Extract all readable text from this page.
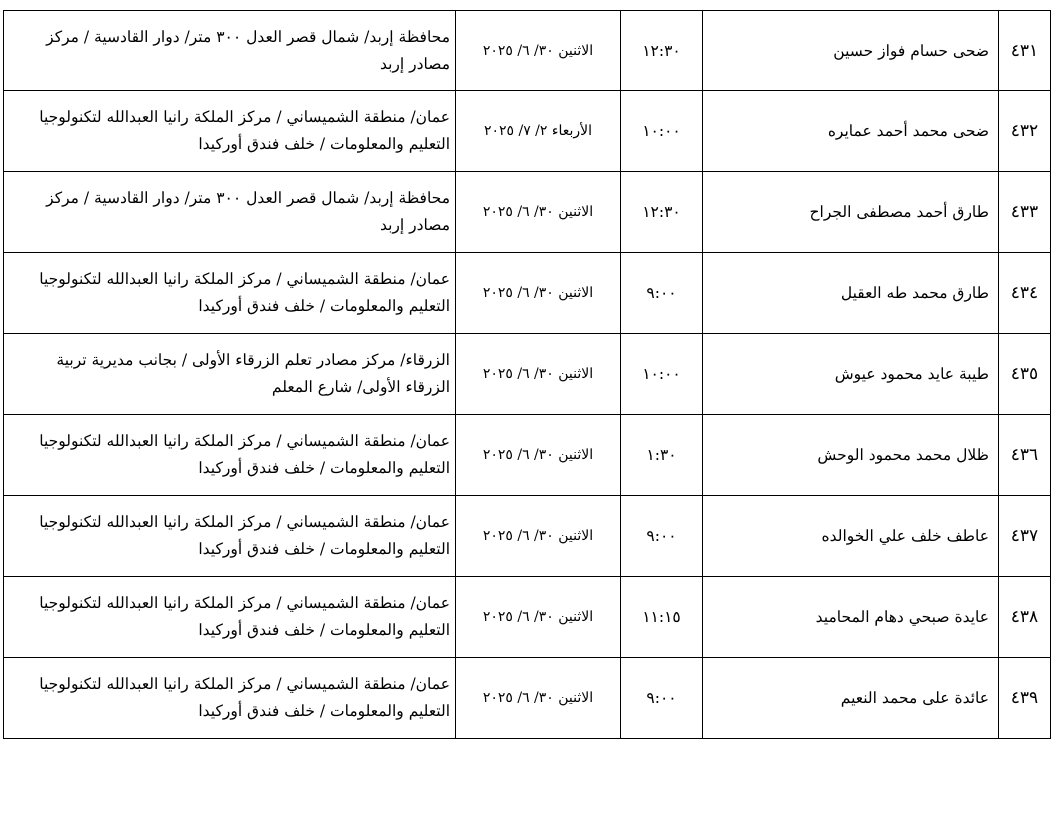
٤٣١	ضحى حسام فواز حسين	١٢:٣٠	الاثنين ٣٠/ ٦/ ٢٠٢٥	محافظة إربد/ شمال قصر العدل ٣٠٠ متر/ دوار القادسية / مركز مصادر إربد
٤٣٢	ضحى محمد أحمد عمايره	١٠:٠٠	الأربعاء ٢/ ٧/ ٢٠٢٥	عمان/ منطقة الشميساني / مركز الملكة رانيا العبدالله لتكنولوجيا التعليم والمعلومات / خلف فندق أوركيدا
٤٣٣	طارق أحمد مصطفى الجراح	١٢:٣٠	الاثنين ٣٠/ ٦/ ٢٠٢٥	محافظة إربد/ شمال قصر العدل ٣٠٠ متر/ دوار القادسية / مركز مصادر إربد
٤٣٤	طارق محمد طه العقيل	٩:٠٠	الاثنين ٣٠/ ٦/ ٢٠٢٥	عمان/ منطقة الشميساني / مركز الملكة رانيا العبدالله لتكنولوجيا التعليم والمعلومات / خلف فندق أوركيدا
٤٣٥	طيبة عايد محمود عيوش	١٠:٠٠	الاثنين ٣٠/ ٦/ ٢٠٢٥	الزرقاء/ مركز مصادر تعلم الزرقاء الأولى / بجانب مديرية تربية الزرقاء الأولى/ شارع المعلم
٤٣٦	ظلال محمد محمود الوحش	١:٣٠	الاثنين ٣٠/ ٦/ ٢٠٢٥	عمان/ منطقة الشميساني / مركز الملكة رانيا العبدالله لتكنولوجيا التعليم والمعلومات / خلف فندق أوركيدا
٤٣٧	عاطف خلف علي الخوالده	٩:٠٠	الاثنين ٣٠/ ٦/ ٢٠٢٥	عمان/ منطقة الشميساني / مركز الملكة رانيا العبدالله لتكنولوجيا التعليم والمعلومات / خلف فندق أوركيدا
٤٣٨	عايدة صبحي دهام المحاميد	١١:١٥	الاثنين ٣٠/ ٦/ ٢٠٢٥	عمان/ منطقة الشميساني / مركز الملكة رانيا العبدالله لتكنولوجيا التعليم والمعلومات / خلف فندق أوركيدا
٤٣٩	عائدة على محمد النعيم	٩:٠٠	الاثنين ٣٠/ ٦/ ٢٠٢٥	عمان/ منطقة الشميساني / مركز الملكة رانيا العبدالله لتكنولوجيا التعليم والمعلومات / خلف فندق أوركيدا
